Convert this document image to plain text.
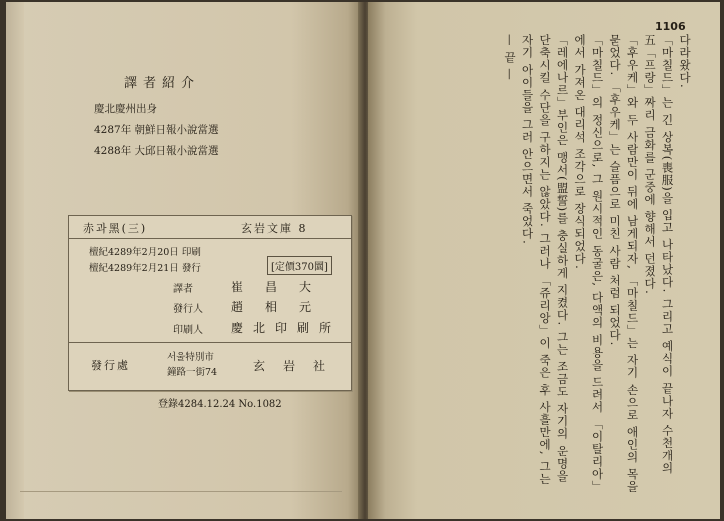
譯者紹介
慶北慶州出身
4287年 朝鮮日報小說當選
4288年 大邱日報小說當選
赤과黑(三)	玄岩文庫 8
檀紀4289年2月20日 印刷
檀紀4289年2月21日 發行	[定價370圜]
譯者	崔昌大
發行人 趙相元
印刷人 慶北印刷所
發行處
서울特別市
鐘路一街74	玄岩社
登錄4284.12.24 No.1082
1106

다라왔다.

「마칠드」는 긴 상복(喪服)을 입고 나타났다. 그리고 예식이 끝나자 수천개의

五「프랑」짜리 금화를 군중에 향해서 던졌다.

「후우케」와 두 사람만이 뒤에 남게되자, 「마칠드」는 자기 손으로 애인의 목을

묻었다. 「후우케」는 슬픔으로 미친 사람 처럼 되었다.

「마칠드」의 정신으로, 그 원시적인 동굴은, 다액의 비용을 드려서 「이탈리아」

에서 가져온 대리석 조각으로 장식되었다.

「레에나르」부인은 맹서(盟誓)를 충실하게 지켰다. 그는 조금도 자기의 운명을

단축시킬 수단을 구하지는 않았다. 그러나 「쥬리앙」이 죽은 후 사흘만에, 그는

자기 아이들을 그러 안으면서 죽었다.

— 끝 —
